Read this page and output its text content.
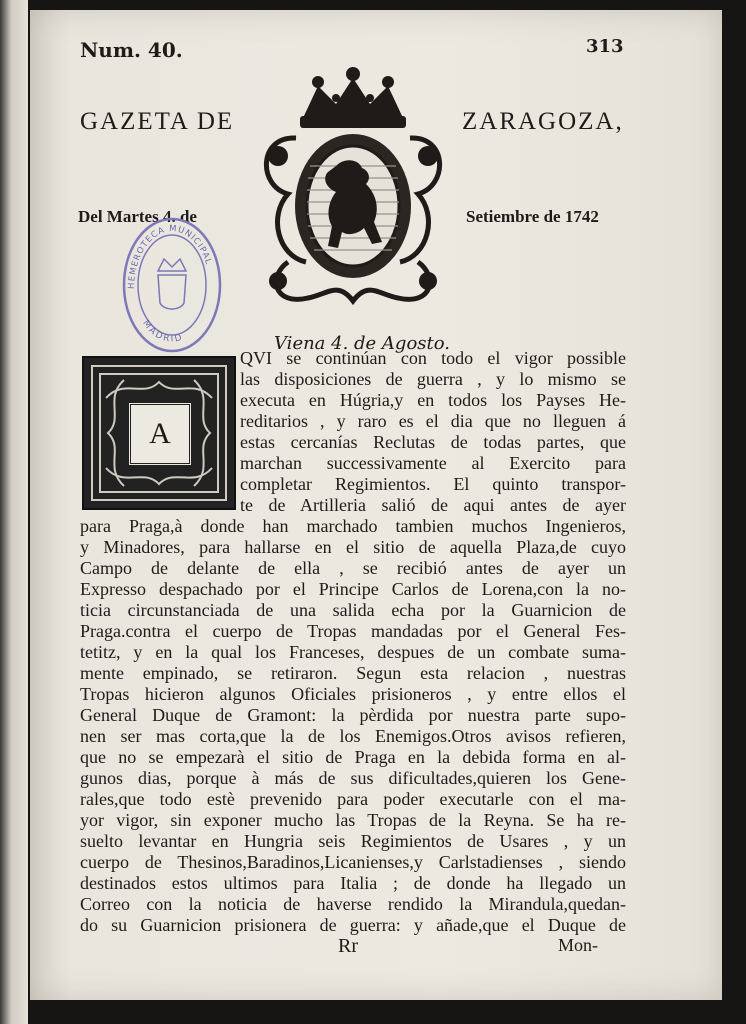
Num. 40.	313
GAZETA DE	ZARAGOZA,
Del Martes 4. de	Setiembre de 1742
HEMEROTECA MUNICIPAL
MADRID	Viena 4. de Agosto.
A
QVI se continúan con todo el vigor possible
las disposiciones de guerra , y lo mismo se
executa en Húgria,y en todos los Payses He-
reditarios , y raro es el dia que no lleguen á
estas cercanías Reclutas de todas partes, que
marchan successivamente al Exercito para
completar Regimientos. El quinto transpor-
te de Artilleria salió de aqui antes de ayer
para Praga,à donde han marchado tambien muchos Ingenieros,
y Minadores, para hallarse en el sitio de aquella Plaza,de cuyo
Campo de delante de ella , se recibió antes de ayer un
Expresso despachado por el Principe Carlos de Lorena,con la no-
ticia circunstanciada de una salida echa por la Guarnicion de
Praga.contra el cuerpo de Tropas mandadas por el General Fes-
tetitz, y en la qual los Franceses, despues de un combate suma-
mente empinado, se retiraron. Segun esta relacion , nuestras
Tropas hicieron algunos Oficiales prisioneros , y entre ellos el
General Duque de Gramont: la pèrdida por nuestra parte supo-
nen ser mas corta,que la de los Enemigos.Otros avisos refieren,
que no se empezarà el sitio de Praga en la debida forma en al-
gunos dias, porque à más de sus dificultades,quieren los Gene-
rales,que todo estè prevenido para poder executarle con el ma-
yor vigor, sin exponer mucho las Tropas de la Reyna. Se ha re-
suelto levantar en Hungria seis Regimientos de Usares , y un
cuerpo de Thesinos,Baradinos,Licanienses,y Carlstadienses , siendo
destinados estos ultimos para Italia ; de donde ha llegado un
Correo con la noticia de haverse rendido la Mirandula,quedan-
do su Guarnicion prisionera de guerra: y añade,que el Duque de
Rr	Mon-
